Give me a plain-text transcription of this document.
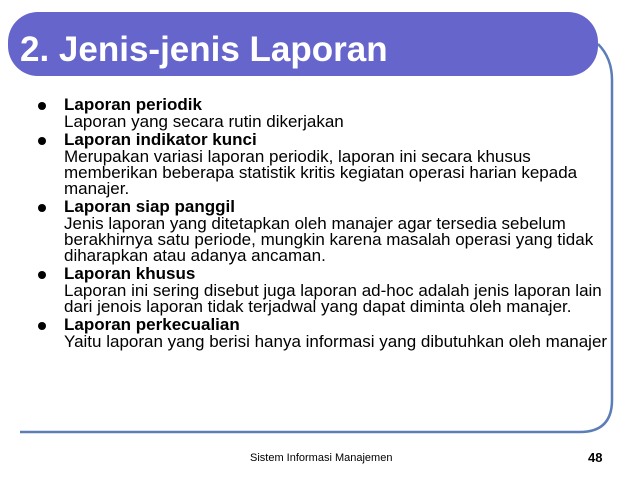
2. Jenis-jenis Laporan

Laporan periodik

Laporan yang secara rutin dikerjakan

Laporan indikator kunci

Merupakan variasi laporan periodik, laporan ini secara khusus memberikan beberapa statistik kritis kegiatan operasi harian kepada manajer.

Laporan siap panggil

Jenis laporan yang ditetapkan oleh manajer agar tersedia sebelum berakhirnya satu periode, mungkin karena masalah operasi yang tidak diharapkan atau adanya ancaman.

Laporan khusus

Laporan ini sering disebut juga laporan ad-hoc adalah jenis laporan lain dari jenois laporan tidak terjadwal yang dapat diminta oleh manajer.

Laporan perkecualian

Yaitu laporan yang berisi hanya informasi yang dibutuhkan oleh manajer

Sistem Informasi Manajemen	48
